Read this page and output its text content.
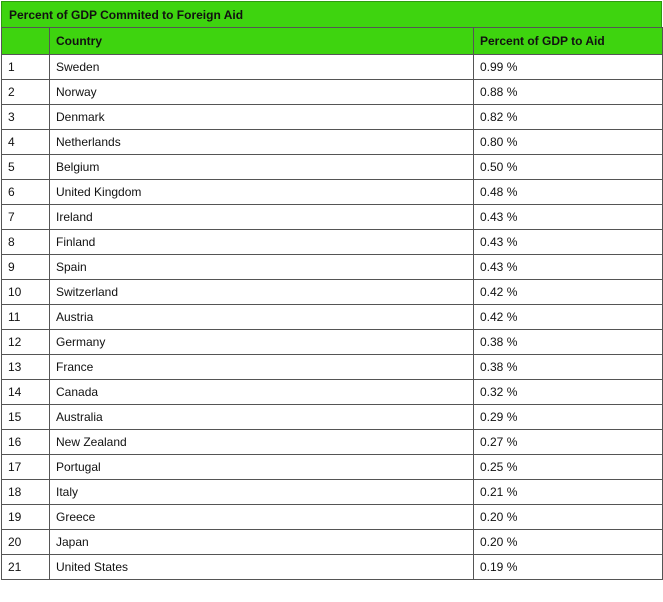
Percent of GDP Commited to Foreign Aid
	Country	Percent of GDP to Aid
1	Sweden	0.99 %
2	Norway	0.88 %
3	Denmark	0.82 %
4	Netherlands	0.80 %
5	Belgium	0.50 %
6	United Kingdom	0.48 %
7	Ireland	0.43 %
8	Finland	0.43 %
9	Spain	0.43 %
10	Switzerland	0.42 %
11	Austria	0.42 %
12	Germany	0.38 %
13	France	0.38 %
14	Canada	0.32 %
15	Australia	0.29 %
16	New Zealand	0.27 %
17	Portugal	0.25 %
18	Italy	0.21 %
19	Greece	0.20 %
20	Japan	0.20 %
21	United States	0.19 %
